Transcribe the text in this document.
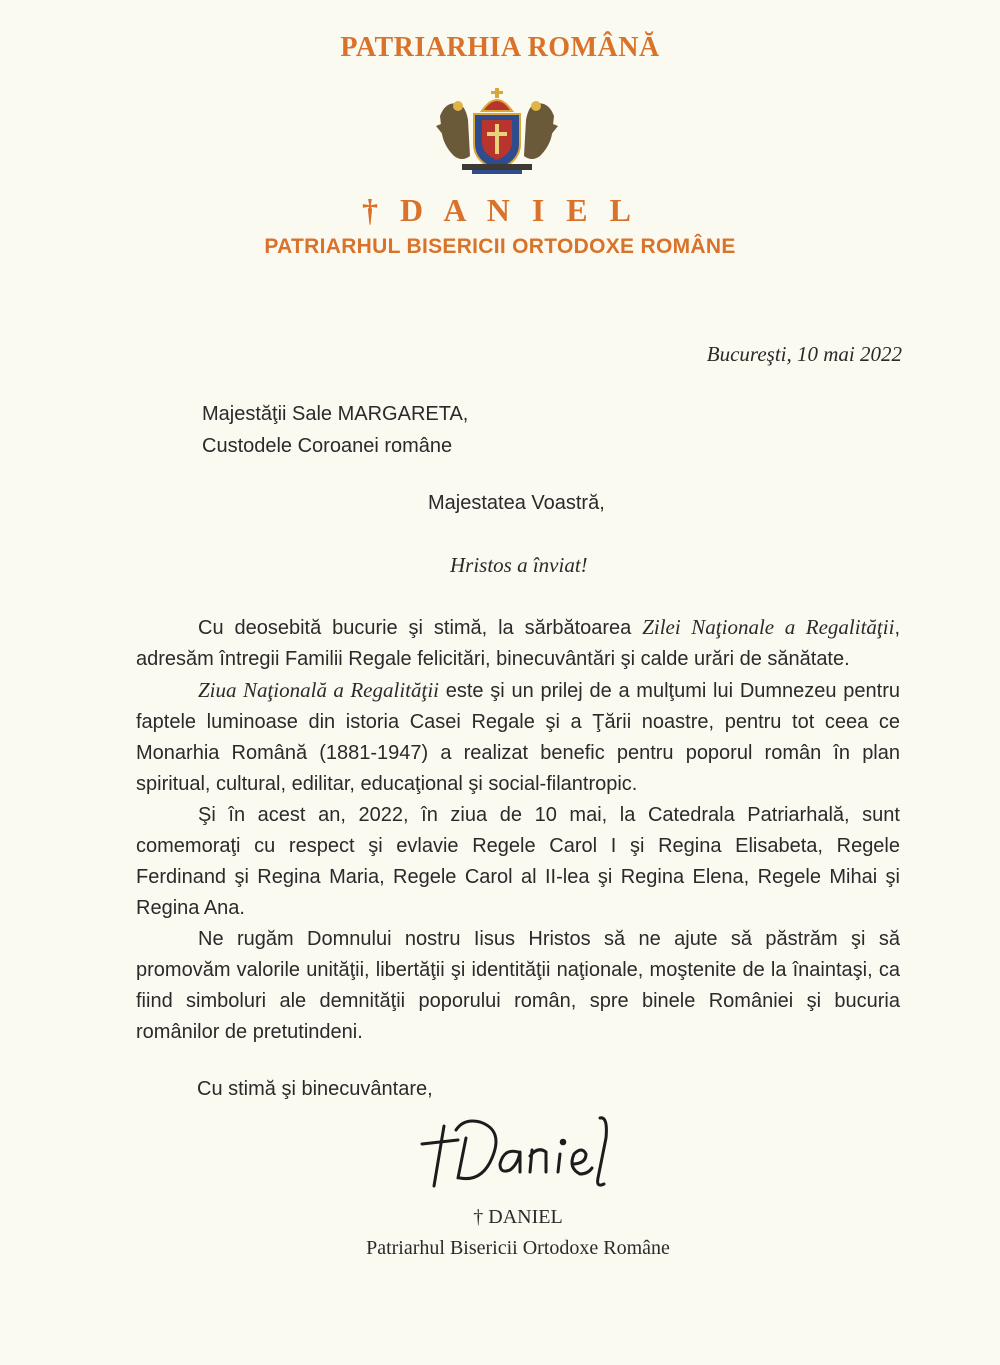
PATRIARHIA ROMÂNĂ
† D A N I E L
PATRIARHUL BISERICII ORTODOXE ROMÂNE
Bucureşti, 10 mai 2022
Majestăţii Sale MARGARETA,
Custodele Coroanei române
Majestatea Voastră,
Hristos a înviat!

Cu deosebită bucurie şi stimă, la sărbătoarea Zilei Naţionale a Regalităţii, adresăm întregii Familii Regale felicitări, binecuvântări şi calde urări de sănătate.

Ziua Naţională a Regalităţii este şi un prilej de a mulţumi lui Dumnezeu pentru faptele luminoase din istoria Casei Regale şi a Ţării noastre, pentru tot ceea ce Monarhia Română (1881-1947) a realizat benefic pentru poporul român în plan spiritual, cultural, edilitar, educaţional şi social-filantropic.

Şi în acest an, 2022, în ziua de 10 mai, la Catedrala Patriarhală, sunt comemoraţi cu respect şi evlavie Regele Carol I şi Regina Elisabeta, Regele Ferdinand şi Regina Maria, Regele Carol al II-lea şi Regina Elena, Regele Mihai şi Regina Ana.

Ne rugăm Domnului nostru Iisus Hristos să ne ajute să păstrăm şi să promovăm valorile unităţii, libertăţii şi identităţii naţionale, moştenite de la înaintaşi, ca fiind simboluri ale demnităţii poporului român, spre binele României şi bucuria românilor de pretutindeni.

Cu stimă şi binecuvântare,
† DANIEL
Patriarhul Bisericii Ortodoxe Române
